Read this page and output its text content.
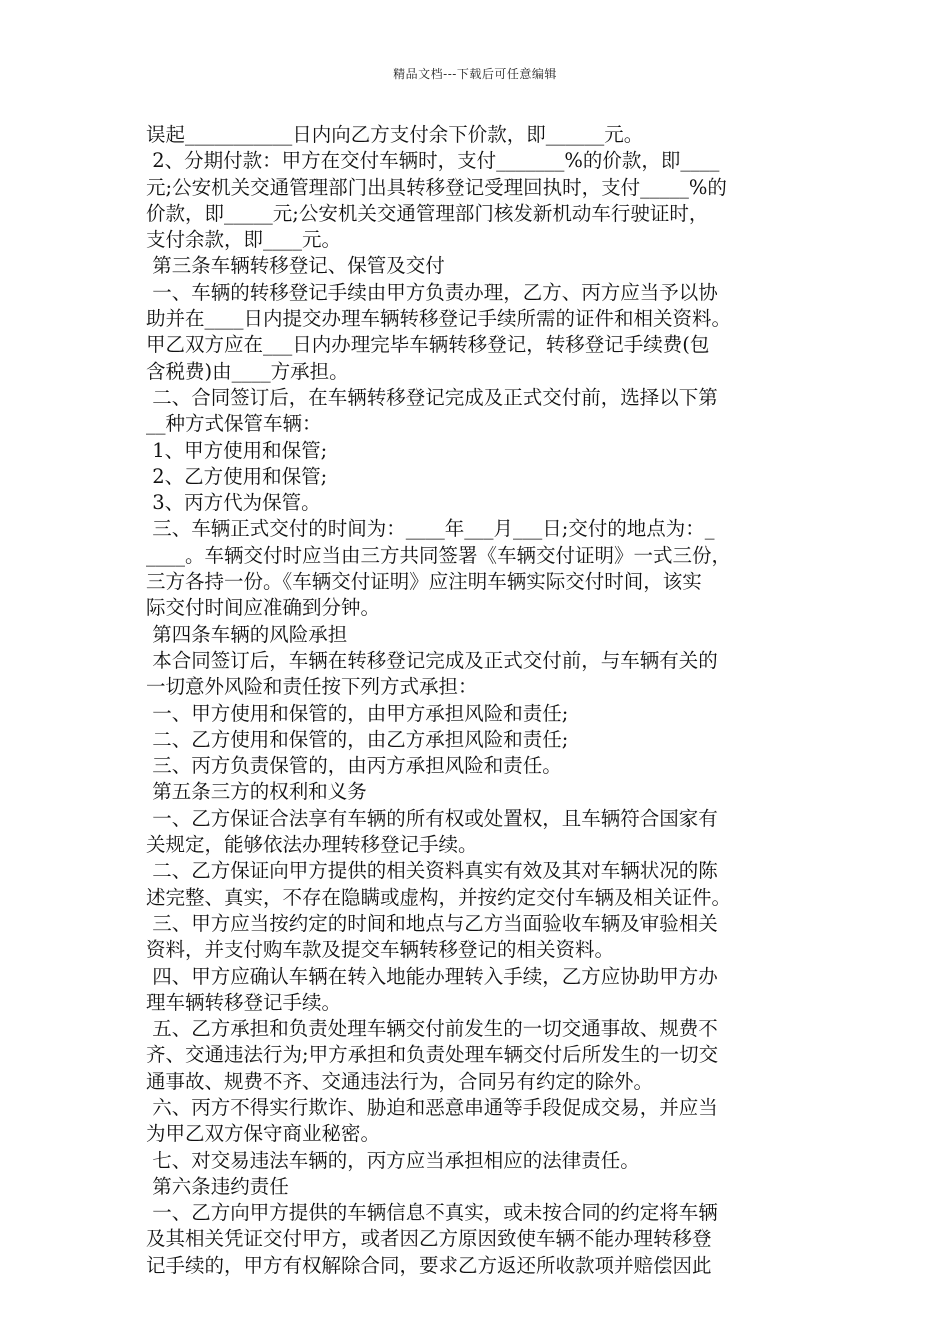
精品文档---下载后可任意编辑
误起___________日内向乙方支付余下价款，即______元。
2、分期付款：甲方在交付车辆时，支付_______%的价款，即____
元;公安机关交通管理部门出具转移登记受理回执时，支付_____%的
价款，即_____元;公安机关交通管理部门核发新机动车行驶证时，
支付余款，即____元。
第三条车辆转移登记、保管及交付
一、车辆的转移登记手续由甲方负责办理，乙方、丙方应当予以协
助并在____日内提交办理车辆转移登记手续所需的证件和相关资料。
甲乙双方应在___日内办理完毕车辆转移登记，转移登记手续费(包
含税费)由____方承担。
二、合同签订后，在车辆转移登记完成及正式交付前，选择以下第
__种方式保管车辆：
1、甲方使用和保管;
2、乙方使用和保管;
3、丙方代为保管。
三、车辆正式交付的时间为：____年___月___日;交付的地点为：_
____。车辆交付时应当由三方共同签署《车辆交付证明》一式三份，
三方各持一份。《车辆交付证明》应注明车辆实际交付时间，该实
际交付时间应准确到分钟。
第四条车辆的风险承担
本合同签订后，车辆在转移登记完成及正式交付前，与车辆有关的
一切意外风险和责任按下列方式承担：
一、甲方使用和保管的，由甲方承担风险和责任;
二、乙方使用和保管的，由乙方承担风险和责任;
三、丙方负责保管的，由丙方承担风险和责任。
第五条三方的权利和义务
一、乙方保证合法享有车辆的所有权或处置权，且车辆符合国家有
关规定，能够依法办理转移登记手续。
二、乙方保证向甲方提供的相关资料真实有效及其对车辆状况的陈
述完整、真实，不存在隐瞒或虚构，并按约定交付车辆及相关证件。
三、甲方应当按约定的时间和地点与乙方当面验收车辆及审验相关
资料，并支付购车款及提交车辆转移登记的相关资料。
四、甲方应确认车辆在转入地能办理转入手续，乙方应协助甲方办
理车辆转移登记手续。
五、乙方承担和负责处理车辆交付前发生的一切交通事故、规费不
齐、交通违法行为;甲方承担和负责处理车辆交付后所发生的一切交
通事故、规费不齐、交通违法行为，合同另有约定的除外。
六、丙方不得实行欺诈、胁迫和恶意串通等手段促成交易，并应当
为甲乙双方保守商业秘密。
七、对交易违法车辆的，丙方应当承担相应的法律责任。
第六条违约责任
一、乙方向甲方提供的车辆信息不真实，或未按合同的约定将车辆
及其相关凭证交付甲方，或者因乙方原因致使车辆不能办理转移登
记手续的，甲方有权解除合同，要求乙方返还所收款项并赔偿因此
